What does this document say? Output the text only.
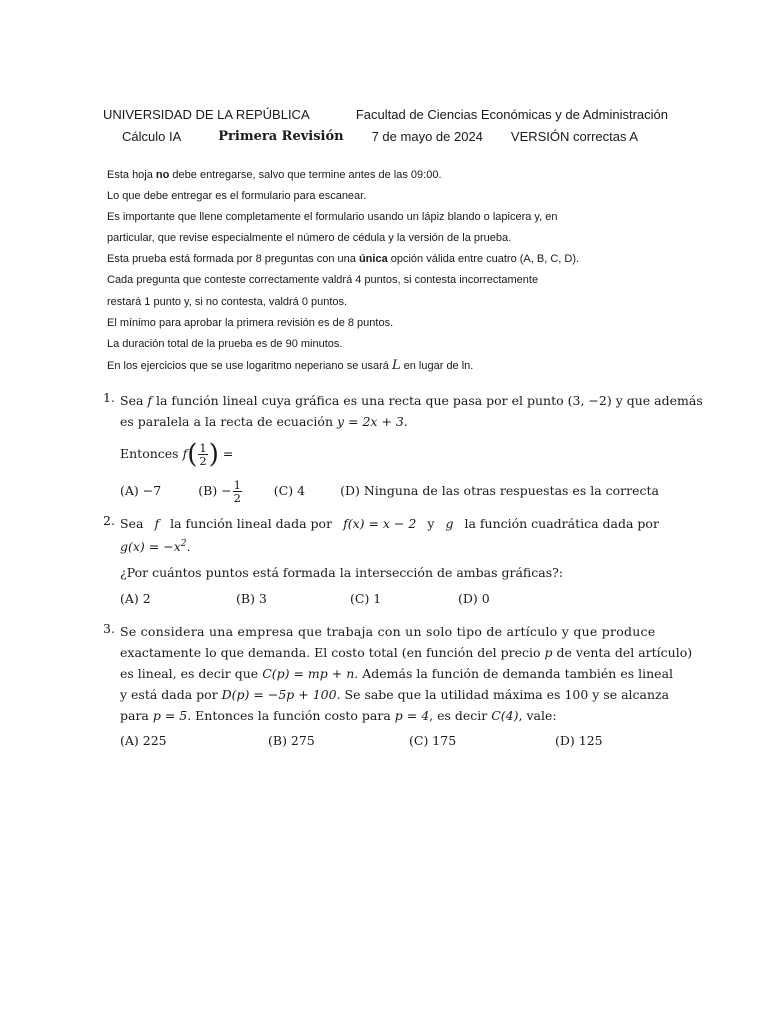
UNIVERSIDAD DE LA REPÚBLICA	Facultad de Ciencias Económicas y de Administración
Cálculo IA	Primera Revisión 7 de mayo de 2024 VERSIÓN correctas A
Esta hoja no debe entregarse, salvo que termine antes de las 09:00.
Lo que debe entregar es el formulario para escanear.
Es importante que llene completamente el formulario usando un lápiz blando o lapicera y, en
particular, que revise especialmente el número de cédula y la versión de la prueba.
Esta prueba está formada por 8 preguntas con una única opción válida entre cuatro (A, B, C, D).
Cada pregunta que conteste correctamente valdrá 4 puntos, si contesta incorrectamente
restará 1 punto y, si no contesta, valdrá 0 puntos.
El mínimo para aprobar la primera revisión es de 8 puntos.
La duración total de la prueba es de 90 minutos.
En los ejercicios que se use logaritmo neperiano se usará L en lugar de ln.
1. Sea f la función lineal cuya gráfica es una recta que pasa por el punto (3, −2) y que además
es paralela a la recta de ecuación y = 2x + 3.
Entonces $f( \frac{1}{2}$ ) =
(A) −7	$(B) - \frac{1}{2}$	(C) 4	(D) Ninguna de las otras respuestas es la correcta
2. Sea f la función lineal dada por f(x) = x − 2 y g la función cuadrática dada por
$g(x) = -x^2$.
¿Por cuántos puntos está formada la intersección de ambas gráficas?:
(A) 2	(B) 3	(C) 1	(D) 0
3. Se considera una empresa que trabaja con un solo tipo de artículo y que produce
exactamente lo que demanda. El costo total (en función del precio p de venta del artículo)
es lineal, es decir que C(p) = mp + n. Además la función de demanda también es lineal
y está dada por D(p) = −5p + 100. Se sabe que la utilidad máxima es 100 y se alcanza
para p = 5. Entonces la función costo para p = 4, es decir C(4), vale:
(A) 225	(B) 275	(C) 175	(D) 125
